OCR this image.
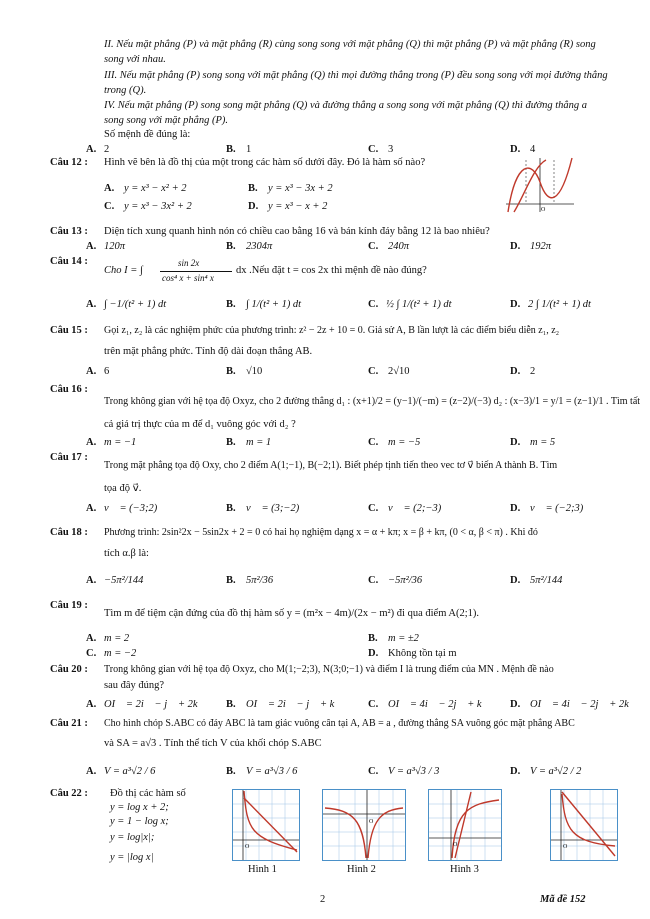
II. Nếu mặt phẳng (P) và mặt phẳng (R) cùng song song với mặt phẳng (Q) thì mặt phẳng (P) và mặt phẳng (R) song
song với nhau.
III. Nếu mặt phẳng (P) song song với mặt phẳng (Q) thì mọi đường thẳng trong (P) đều song song với mọi đường thẳng
trong (Q).
IV. Nếu mặt phẳng (P) song song mặt phẳng (Q) và đường thẳng a song song với mặt phẳng (Q) thì đường thẳng a
song song với mặt phẳng (P).
Số mệnh đề đúng là:
A. 2	B. 1	C. 3	D. 4
Câu 12 : Hình vẽ bên là đồ thị của một trong các hàm số dưới đây. Đó là hàm số nào?
A. y = x³ − x² + 2	B. y = x³ − 3x + 2
C. y = x³ − 3x² + 2	D. y = x³ − x + 2	O
Câu 13 : Diện tích xung quanh hình nón có chiều cao bằng 16 và bán kính đáy bằng 12 là bao nhiêu?
A. 120π	B. 2304π	C. 240π	D. 192π
Câu 14 :
Cho I = ∫
sin 2x
cos⁴ x + sin⁴ x
dx .Nếu đặt t = cos 2x thì mệnh đề nào đúng?
A. ∫ −1/(t² + 1) dt	B. ∫ 1/(t² + 1) dt	C. ½ ∫ 1/(t² + 1) dt	D. 2 ∫ 1/(t² + 1) dt
Câu 15 : Gọi z₁, z₂ là các nghiệm phức của phương trình: z² − 2z + 10 = 0. Giả sử A, B lần lượt là các điểm biểu diễn z₁, z₂
trên mặt phẳng phức. Tính độ dài đoạn thẳng AB.
A. 6	B. √10	C. 2√10	D. 2
Câu 16 :
Trong không gian với hệ tọa độ Oxyz, cho 2 đường thẳng d₁ : (x+1)/2 = (y−1)/(−m) = (z−2)/(−3) d₂ : (x−3)/1 = y/1 = (z−1)/1 . Tìm tất
cả giá trị thực của m để d₁ vuông góc với d₂ ?
A. m = −1	B. m = 1	C. m = −5	D. m = 5
Câu 17 :
Trong mặt phẳng tọa độ Oxy, cho 2 điểm A(1;−1), B(−2;1). Biết phép tịnh tiến theo vec tơ v⃗ biến A thành B. Tìm
tọa độ v⃗.
A. v⃗ = (−3;2)	B. v⃗ = (3;−2)	C. v⃗ = (2;−3)	D. v⃗ = (−2;3)
Câu 18 : Phương trình: 2sin²2x − 5sin2x + 2 = 0 có hai họ nghiệm dạng x = α + kπ; x = β + kπ, (0 < α, β < π) . Khi đó
tích α.β là:
A. −5π²/144	B. 5π²/36	C. −5π²/36	D. 5π²/144
Câu 19 :
Tìm m để tiệm cận đứng của đồ thị hàm số y = (m²x − 4m)/(2x − m²) đi qua điểm A(2;1).
A. m = 2	B. m = ±2
C. m = −2	D. Không tồn tại m
Câu 20 : Trong không gian với hệ tọa độ Oxyz, cho M(1;−2;3), N(3;0;−1) và điểm I là trung điểm của MN . Mệnh đề nào
sau đây đúng?
A. OI⃗ = 2i⃗ − j⃗ + 2k⃗ B. OI⃗ = 2i⃗ − j⃗ + k⃗ C. OI⃗ = 4i⃗ − 2j⃗ + k⃗ D. OI⃗ = 4i⃗ − 2j⃗ + 2k⃗
Câu 21 : Cho hình chóp S.ABC có đáy ABC là tam giác vuông cân tại A, AB = a , đường thẳng SA vuông góc mặt phẳng ABC
và SA = a√3 . Tính thể tích V của khối chóp S.ABC
A. V = a³√2 / 6	B. V = a³√3 / 6	C. V = a³√3 / 3	D. V = a³√2 / 2
Câu 22 : Đồ thị các hàm số
y = log x + 2;
y = 1 − log x;
y = log|x|;
y = |log x|
O
Hình 1
O
Hình 2
O
Hình 3
O
2	Mã đề 152
